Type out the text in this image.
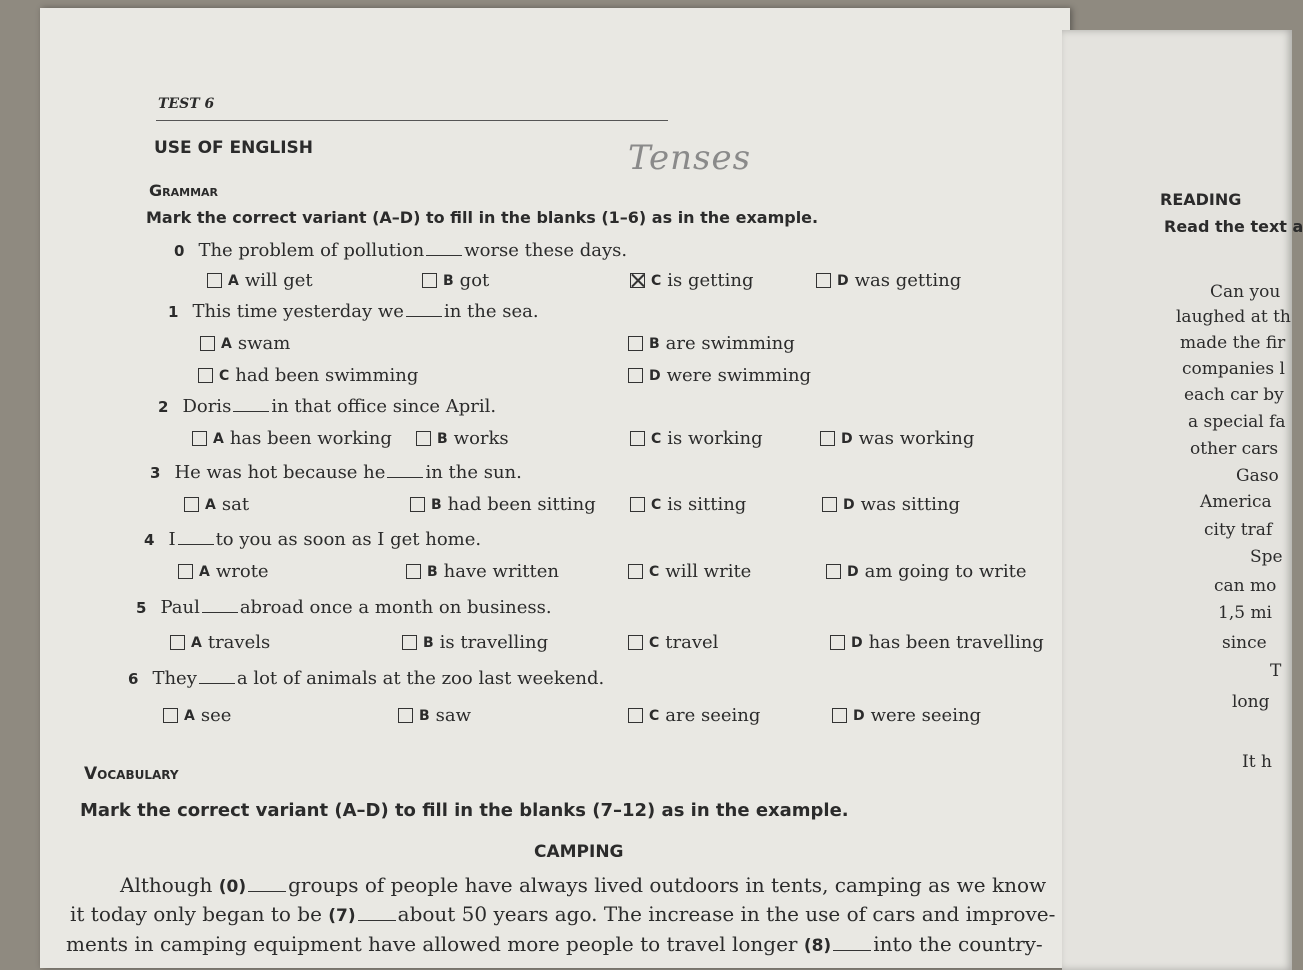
TEST 6
USE OF ENGLISH	Tenses
Grammar
Mark the correct variant (A–D) to fill in the blanks (1–6) as in the example.
0 The problem of pollution worse these days.
A will get	B got	C is getting	D was getting
1 This time yesterday we in the sea.
A swam	B are swimming
C had been swimming	D were swimming
2 Doris in that office since April.
A has been working	B works	C is working	D was working
3 He was hot because he in the sun.
A sat	B had been sitting	C is sitting	D was sitting
4 I to you as soon as I get home.
A wrote	B have written	C will write	D am going to write
5 Paul abroad once a month on business.
A travels	B is travelling	C travel	D has been travelling
6 They a lot of animals at the zoo last weekend.
A see	B saw	C are seeing	D were seeing
Vocabulary
Mark the correct variant (A–D) to fill in the blanks (7–12) as in the example.
CAMPING
Although (0) groups of people have always lived outdoors in tents, camping as we know
it today only began to be (7) about 50 years ago. The increase in the use of cars and improve-
ments in camping equipment have allowed more people to travel longer (8) into the country-
READING
Read the text a
Can you
laughed at th
made the fir
companies l
each car by
a special fa
other cars
Gaso
America
city traf
Spe
can mo
1,5 mi
since
T
long
It h
